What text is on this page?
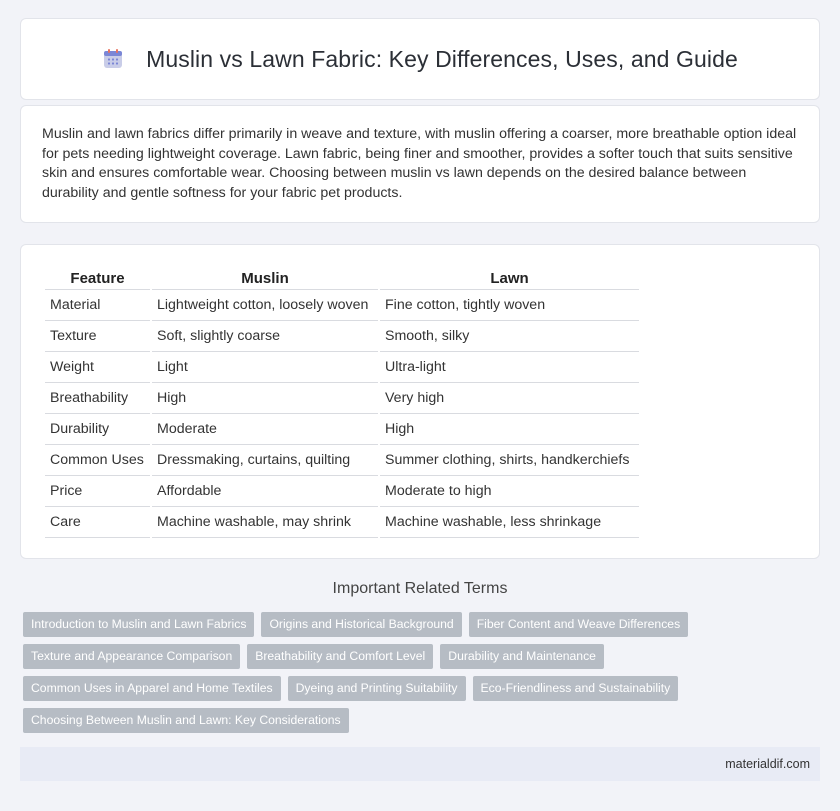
Muslin vs Lawn Fabric: Key Differences, Uses, and Guide

Muslin and lawn fabrics differ primarily in weave and texture, with muslin offering a coarser, more breathable option ideal for pets needing lightweight coverage. Lawn fabric, being finer and smoother, provides a softer touch that suits sensitive skin and ensures comfortable wear. Choosing between muslin vs lawn depends on the desired balance between durability and gentle softness for your fabric pet products.

Feature	Muslin	Lawn
Material	Lightweight cotton, loosely woven	Fine cotton, tightly woven
Texture	Soft, slightly coarse	Smooth, silky
Weight	Light	Ultra-light
Breathability	High	Very high
Durability	Moderate	High
Common Uses	Dressmaking, curtains, quilting	Summer clothing, shirts, handkerchiefs
Price	Affordable	Moderate to high
Care	Machine washable, may shrink	Machine washable, less shrinkage
Important Related Terms
Introduction to Muslin and Lawn Fabrics	Origins and Historical Background	Fiber Content and Weave Differences
Texture and Appearance Comparison	Breathability and Comfort Level	Durability and Maintenance
Common Uses in Apparel and Home Textiles	Dyeing and Printing Suitability	Eco-Friendliness and Sustainability
Choosing Between Muslin and Lawn: Key Considerations
materialdif.com
